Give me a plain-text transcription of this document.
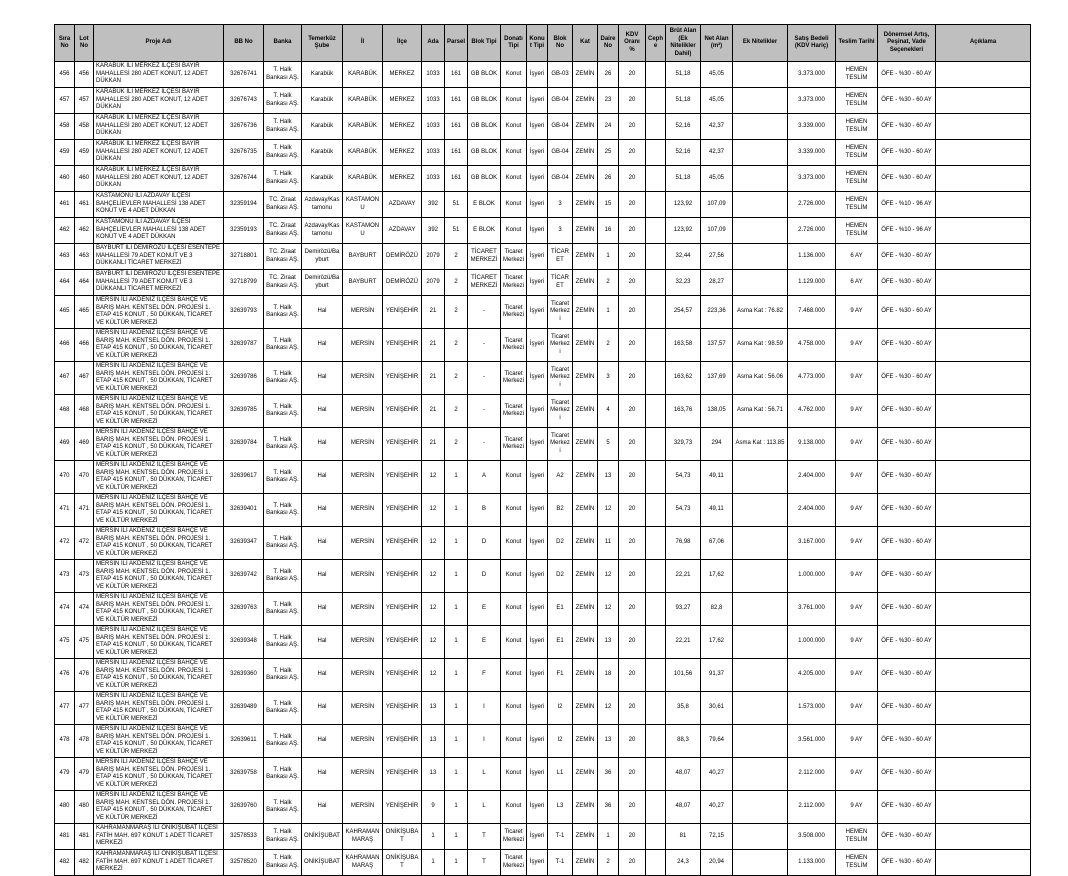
Sıra No	Lot No	Proje Adı	BB No	Banka	Temerküz Şube	İl	İlçe	Ada	Parsel	Blok Tipi	Donatı Tipi	Konut Tipi	Blok No	Kat	Daire No	KDV Oranı %	Cephe	Brüt Alan (Ek Nitelikler Dahil)	Net Alan (m²)	Ek Nitelikler	Satış Bedeli (KDV Hariç)	Teslim Tarihi	Dönemsel Artış, Peşinat, Vade Seçenekleri	Açıklama
456	456	KARABÜK İLİ MERKEZ İLÇESİ BAYIR MAHALLESİ 280 ADET KONUT, 12 ADET DÜKKAN	32676741	T. Halk Bankası AŞ.	Karabük	KARABÜK	MERKEZ	1033	161	GB BLOK	Konut	İşyeri	GB-03	ZEMİN	26	20		51,18	45,05		3.373.000	HEMEN TESLİM	ÖFE - %30 - 60 AY	
457	457	KARABÜK İLİ MERKEZ İLÇESİ BAYIR MAHALLESİ 280 ADET KONUT, 12 ADET DÜKKAN	32676743	T. Halk Bankası AŞ.	Karabük	KARABÜK	MERKEZ	1033	161	GB BLOK	Konut	İşyeri	GB-04	ZEMİN	23	20		51,18	45,05		3.373.000	HEMEN TESLİM	ÖFE - %30 - 60 AY	
458	458	KARABÜK İLİ MERKEZ İLÇESİ BAYIR MAHALLESİ 280 ADET KONUT, 12 ADET DÜKKAN	32676736	T. Halk Bankası AŞ.	Karabük	KARABÜK	MERKEZ	1033	161	GB BLOK	Konut	İşyeri	GB-04	ZEMİN	24	20		52,16	42,37		3.339.000	HEMEN TESLİM	ÖFE - %30 - 60 AY	
459	459	KARABÜK İLİ MERKEZ İLÇESİ BAYIR MAHALLESİ 280 ADET KONUT, 12 ADET DÜKKAN	32676735	T. Halk Bankası AŞ.	Karabük	KARABÜK	MERKEZ	1033	161	GB BLOK	Konut	İşyeri	GB-04	ZEMİN	25	20		52,16	42,37		3.339.000	HEMEN TESLİM	ÖFE - %30 - 60 AY	
460	460	KARABÜK İLİ MERKEZ İLÇESİ BAYIR MAHALLESİ 280 ADET KONUT, 12 ADET DÜKKAN	32676744	T. Halk Bankası AŞ.	Karabük	KARABÜK	MERKEZ	1033	161	GB BLOK	Konut	İşyeri	GB-04	ZEMİN	26	20		51,18	45,05		3.373.000	HEMEN TESLİM	ÖFE - %30 - 60 AY	
461	461	KASTAMONU İLİ AZDAVAY İLÇESİ BAHÇELİEVLER MAHALLESİ 138 ADET KONUT VE 4 ADET DÜKKAN	32359194	TC. Ziraat Bankası AŞ.	Azdavay/Kastamonu	KASTAMONU	AZDAVAY	392	51	E BLOK	Konut	İşyeri	3	ZEMİN	15	20		123,92	107,09		2.726.000	HEMEN TESLİM	ÖFE - %10 - 96 AY	
462	462	KASTAMONU İLİ AZDAVAY İLÇESİ BAHÇELİEVLER MAHALLESİ 138 ADET KONUT VE 4 ADET DÜKKAN	32359193	TC. Ziraat Bankası AŞ.	Azdavay/Kastamonu	KASTAMONU	AZDAVAY	392	51	E BLOK	Konut	İşyeri	3	ZEMİN	16	20		123,92	107,09		2.726.000	HEMEN TESLİM	ÖFE - %10 - 96 AY	
463	463	BAYBURT İLİ DEMİRÖZÜ İLÇESİ ESENTEPE MAHALLESİ 79 ADET KONUT VE 3 DÜKKANLI TİCARET MERKEZİ	32718801	TC. Ziraat Bankası AŞ.	Demirözü/Bayburt	BAYBURT	DEMİRÖZÜ	2079	2	TİCARET MERKEZİ	Ticaret Merkezi	İşyeri	TİCARET	ZEMİN	1	20		32,44	27,56		1.136.000	6 AY	ÖFE - %30 - 60 AY	
464	464	BAYBURT İLİ DEMİRÖZÜ İLÇESİ ESENTEPE MAHALLESİ 79 ADET KONUT VE 3 DÜKKANLI TİCARET MERKEZİ	32718799	TC. Ziraat Bankası AŞ.	Demirözü/Bayburt	BAYBURT	DEMİRÖZÜ	2079	2	TİCARET MERKEZİ	Ticaret Merkezi	İşyeri	TİCARET	ZEMİN	2	20		32,23	28,27		1.129.000	6 AY	ÖFE - %30 - 60 AY	
465	465	MERSİN İLİ AKDENİZ İLÇESİ BAHÇE VE BARIŞ MAH. KENTSEL DÖN. PROJESİ 1. ETAP 415 KONUT , 50 DÜKKAN, TİCARET VE KÜLTÜR MERKEZİ	32639793	T. Halk Bankası AŞ.	Hal	MERSİN	YENİŞEHİR	21	2	-	Ticaret Merkezi	İşyeri	Ticaret Merkezi	ZEMİN	1	20		254,57	223,36	Asma Kat : 76.82	7.468.000	9 AY	ÖFE - %30 - 60 AY	
466	466	MERSİN İLİ AKDENİZ İLÇESİ BAHÇE VE BARIŞ MAH. KENTSEL DÖN. PROJESİ 1. ETAP 415 KONUT , 50 DÜKKAN, TİCARET VE KÜLTÜR MERKEZİ	32639787	T. Halk Bankası AŞ.	Hal	MERSİN	YENİŞEHİR	21	2	-	Ticaret Merkezi	İşyeri	Ticaret Merkezi	ZEMİN	2	20		163,58	137,57	Asma Kat : 98.59	4.758.000	9 AY	ÖFE - %30 - 60 AY	
467	467	MERSİN İLİ AKDENİZ İLÇESİ BAHÇE VE BARIŞ MAH. KENTSEL DÖN. PROJESİ 1. ETAP 415 KONUT , 50 DÜKKAN, TİCARET VE KÜLTÜR MERKEZİ	32639786	T. Halk Bankası AŞ.	Hal	MERSİN	YENİŞEHİR	21	2	-	Ticaret Merkezi	İşyeri	Ticaret Merkezi	ZEMİN	3	20		163,62	137,69	Asma Kat : 56.06	4.773.000	9 AY	ÖFE - %30 - 60 AY	
468	468	MERSİN İLİ AKDENİZ İLÇESİ BAHÇE VE BARIŞ MAH. KENTSEL DÖN. PROJESİ 1. ETAP 415 KONUT , 50 DÜKKAN, TİCARET VE KÜLTÜR MERKEZİ	32639785	T. Halk Bankası AŞ.	Hal	MERSİN	YENİŞEHİR	21	2	-	Ticaret Merkezi	İşyeri	Ticaret Merkezi	ZEMİN	4	20		163,76	138,05	Asma Kat : 56.71	4.762.000	9 AY	ÖFE - %30 - 60 AY	
469	469	MERSİN İLİ AKDENİZ İLÇESİ BAHÇE VE BARIŞ MAH. KENTSEL DÖN. PROJESİ 1. ETAP 415 KONUT , 50 DÜKKAN, TİCARET VE KÜLTÜR MERKEZİ	32639784	T. Halk Bankası AŞ.	Hal	MERSİN	YENİŞEHİR	21	2	-	Ticaret Merkezi	İşyeri	Ticaret Merkezi	ZEMİN	5	20		329,73	294	Asma Kat : 113.85	9.138.000	9 AY	ÖFE - %30 - 60 AY	
470	470	MERSİN İLİ AKDENİZ İLÇESİ BAHÇE VE BARIŞ MAH. KENTSEL DÖN. PROJESİ 1. ETAP 415 KONUT , 50 DÜKKAN, TİCARET VE KÜLTÜR MERKEZİ	32639617	T. Halk Bankası AŞ.	Hal	MERSİN	YENİŞEHİR	12	1	A	Konut	İşyeri	A2	ZEMİN	13	20		54,73	49,11		2.404.000	9 AY	ÖFE - %30 - 60 AY	
471	471	MERSİN İLİ AKDENİZ İLÇESİ BAHÇE VE BARIŞ MAH. KENTSEL DÖN. PROJESİ 1. ETAP 415 KONUT , 50 DÜKKAN, TİCARET VE KÜLTÜR MERKEZİ	32639401	T. Halk Bankası AŞ.	Hal	MERSİN	YENİŞEHİR	12	1	B	Konut	İşyeri	B2	ZEMİN	12	20		54,73	49,11		2.404.000	9 AY	ÖFE - %30 - 60 AY	
472	472	MERSİN İLİ AKDENİZ İLÇESİ BAHÇE VE BARIŞ MAH. KENTSEL DÖN. PROJESİ 1. ETAP 415 KONUT , 50 DÜKKAN, TİCARET VE KÜLTÜR MERKEZİ	32639347	T. Halk Bankası AŞ.	Hal	MERSİN	YENİŞEHİR	12	1	D	Konut	İşyeri	D2	ZEMİN	11	20		76,98	67,06		3.167.000	9 AY	ÖFE - %30 - 60 AY	
473	473	MERSİN İLİ AKDENİZ İLÇESİ BAHÇE VE BARIŞ MAH. KENTSEL DÖN. PROJESİ 1. ETAP 415 KONUT , 50 DÜKKAN, TİCARET VE KÜLTÜR MERKEZİ	32639742	T. Halk Bankası AŞ.	Hal	MERSİN	YENİŞEHİR	12	1	D	Konut	İşyeri	D2	ZEMİN	12	20		22,21	17,62		1.000.000	9 AY	ÖFE - %30 - 60 AY	
474	474	MERSİN İLİ AKDENİZ İLÇESİ BAHÇE VE BARIŞ MAH. KENTSEL DÖN. PROJESİ 1. ETAP 415 KONUT , 50 DÜKKAN, TİCARET VE KÜLTÜR MERKEZİ	32639763	T. Halk Bankası AŞ.	Hal	MERSİN	YENİŞEHİR	12	1	E	Konut	İşyeri	E1	ZEMİN	12	20		93,27	82,8		3.761.000	9 AY	ÖFE - %30 - 60 AY	
475	475	MERSİN İLİ AKDENİZ İLÇESİ BAHÇE VE BARIŞ MAH. KENTSEL DÖN. PROJESİ 1. ETAP 415 KONUT , 50 DÜKKAN, TİCARET VE KÜLTÜR MERKEZİ	32639348	T. Halk Bankası AŞ.	Hal	MERSİN	YENİŞEHİR	12	1	E	Konut	İşyeri	E1	ZEMİN	13	20		22,21	17,62		1.000.000	9 AY	ÖFE - %30 - 60 AY	
476	476	MERSİN İLİ AKDENİZ İLÇESİ BAHÇE VE BARIŞ MAH. KENTSEL DÖN. PROJESİ 1. ETAP 415 KONUT , 50 DÜKKAN, TİCARET VE KÜLTÜR MERKEZİ	32639360	T. Halk Bankası AŞ.	Hal	MERSİN	YENİŞEHİR	12	1	F	Konut	İşyeri	F1	ZEMİN	18	20		101,56	91,37		4.205.000	9 AY	ÖFE - %30 - 60 AY	
477	477	MERSİN İLİ AKDENİZ İLÇESİ BAHÇE VE BARIŞ MAH. KENTSEL DÖN. PROJESİ 1. ETAP 415 KONUT , 50 DÜKKAN, TİCARET VE KÜLTÜR MERKEZİ	32639489	T. Halk Bankası AŞ.	Hal	MERSİN	YENİŞEHİR	13	1	I	Konut	İşyeri	I2	ZEMİN	12	20		35,8	30,61		1.573.000	9 AY	ÖFE - %30 - 60 AY	
478	478	MERSİN İLİ AKDENİZ İLÇESİ BAHÇE VE BARIŞ MAH. KENTSEL DÖN. PROJESİ 1. ETAP 415 KONUT , 50 DÜKKAN, TİCARET VE KÜLTÜR MERKEZİ	32639611	T. Halk Bankası AŞ.	Hal	MERSİN	YENİŞEHİR	13	1	I	Konut	İşyeri	I2	ZEMİN	13	20		88,3	79,64		3.561.000	9 AY	ÖFE - %30 - 60 AY	
479	479	MERSİN İLİ AKDENİZ İLÇESİ BAHÇE VE BARIŞ MAH. KENTSEL DÖN. PROJESİ 1. ETAP 415 KONUT , 50 DÜKKAN, TİCARET VE KÜLTÜR MERKEZİ	32639758	T. Halk Bankası AŞ.	Hal	MERSİN	YENİŞEHİR	13	1	L	Konut	İşyeri	L1	ZEMİN	36	20		48,07	40,27		2.112.000	9 AY	ÖFE - %30 - 60 AY	
480	480	MERSİN İLİ AKDENİZ İLÇESİ BAHÇE VE BARIŞ MAH. KENTSEL DÖN. PROJESİ 1. ETAP 415 KONUT , 50 DÜKKAN, TİCARET VE KÜLTÜR MERKEZİ	32639760	T. Halk Bankası AŞ.	Hal	MERSİN	YENİŞEHİR	9	1	L	Konut	İşyeri	L3	ZEMİN	36	20		48,07	40,27		2.112.000	9 AY	ÖFE - %30 - 60 AY	
481	481	KAHRAMANMARAŞ İLİ ONİKİŞUBAT İLÇESİ FATİH MAH. 697 KONUT 1 ADET TİCARET MERKEZİ	32578533	T. Halk Bankası AŞ.	ONİKİŞUBAT	KAHRAMANMARAŞ	ONİKİŞUBAT	1	1	T	Ticaret Merkezi	İşyeri	T-1	ZEMİN	1	20		81	72,15		3.508.000	HEMEN TESLİM	ÖFE - %30 - 60 AY	
482	482	KAHRAMANMARAŞ İLİ ONİKİŞUBAT İLÇESİ FATİH MAH. 697 KONUT 1 ADET TİCARET MERKEZİ	32578520	T. Halk Bankası AŞ.	ONİKİŞUBAT	KAHRAMANMARAŞ	ONİKİŞUBAT	1	1	T	Ticaret Merkezi	İşyeri	T-1	ZEMİN	2	20		24,3	20,94		1.133.000	HEMEN TESLİM	ÖFE - %30 - 60 AY	
